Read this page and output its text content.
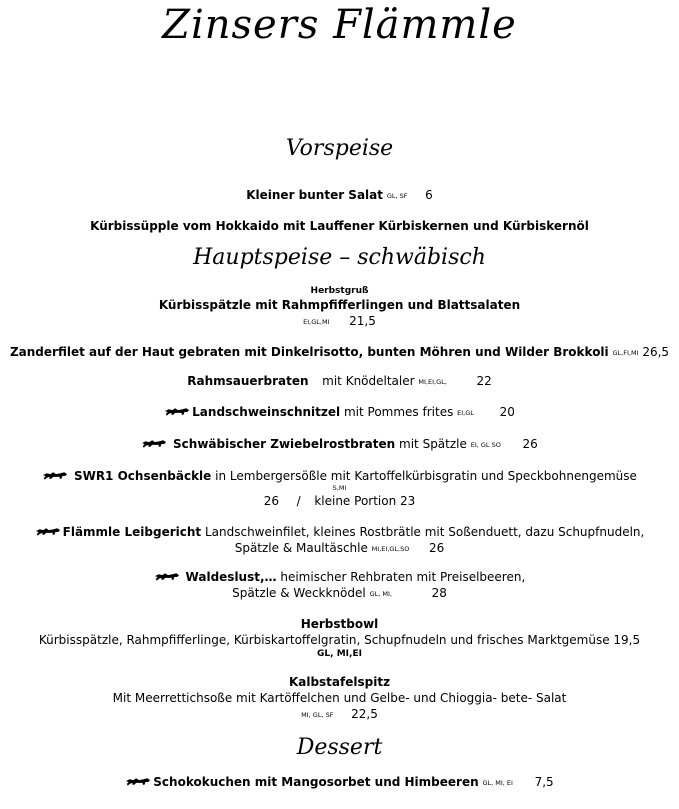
Zinsers Flämmle
Vorspeise
Kleiner bunter Salat GL, SF 6
Kürbissüpple vom Hokkaido mit Lauffener Kürbiskernen und Kürbiskernöl
Hauptspeise – schwäbisch
Herbstgruß
Kürbisspätzle mit Rahmpfifferlingen und Blattsalaten
EI,GL,MI 21,5
Zanderfilet auf der Haut gebraten mit Dinkelrisotto, bunten Möhren und Wilder Brokkoli GL,FI,MI 26,5
Rahmsauerbraten mit Knödeltaler MI,EI,GL, 22
Landschweinschnitzel mit Pommes frites EI,GL 20
Schwäbischer Zwiebelrostbraten mit Spätzle EI, GL SO 26
SWR1 Ochsenbäckle in Lembergersößle mit Kartoffelkürbisgratin und Speckbohnengemüse
S,MI
26 / kleine Portion 23
Flämmle Leibgericht Landschweinfilet, kleines Rostbrätle mit Soßenduett, dazu Schupfnudeln,
Spätzle & Maultäschle MI,EI,GL,SO 26
Waldeslust,… heimischer Rehbraten mit Preiselbeeren,
Spätzle & Weckknödel GL, MI,	28
Herbstbowl
Kürbisspätzle, Rahmpfifferlinge, Kürbiskartoffelgratin, Schupfnudeln und frisches Marktgemüse 19,5
GL, MI,EI
Kalbstafelspitz
Mit Meerrettichsoße mit Kartöffelchen und Gelbe- und Chioggia- bete- Salat
MI, GL, SF 22,5
Dessert
Schokokuchen mit Mangosorbet und Himbeeren GL, MI, EI 7,5
